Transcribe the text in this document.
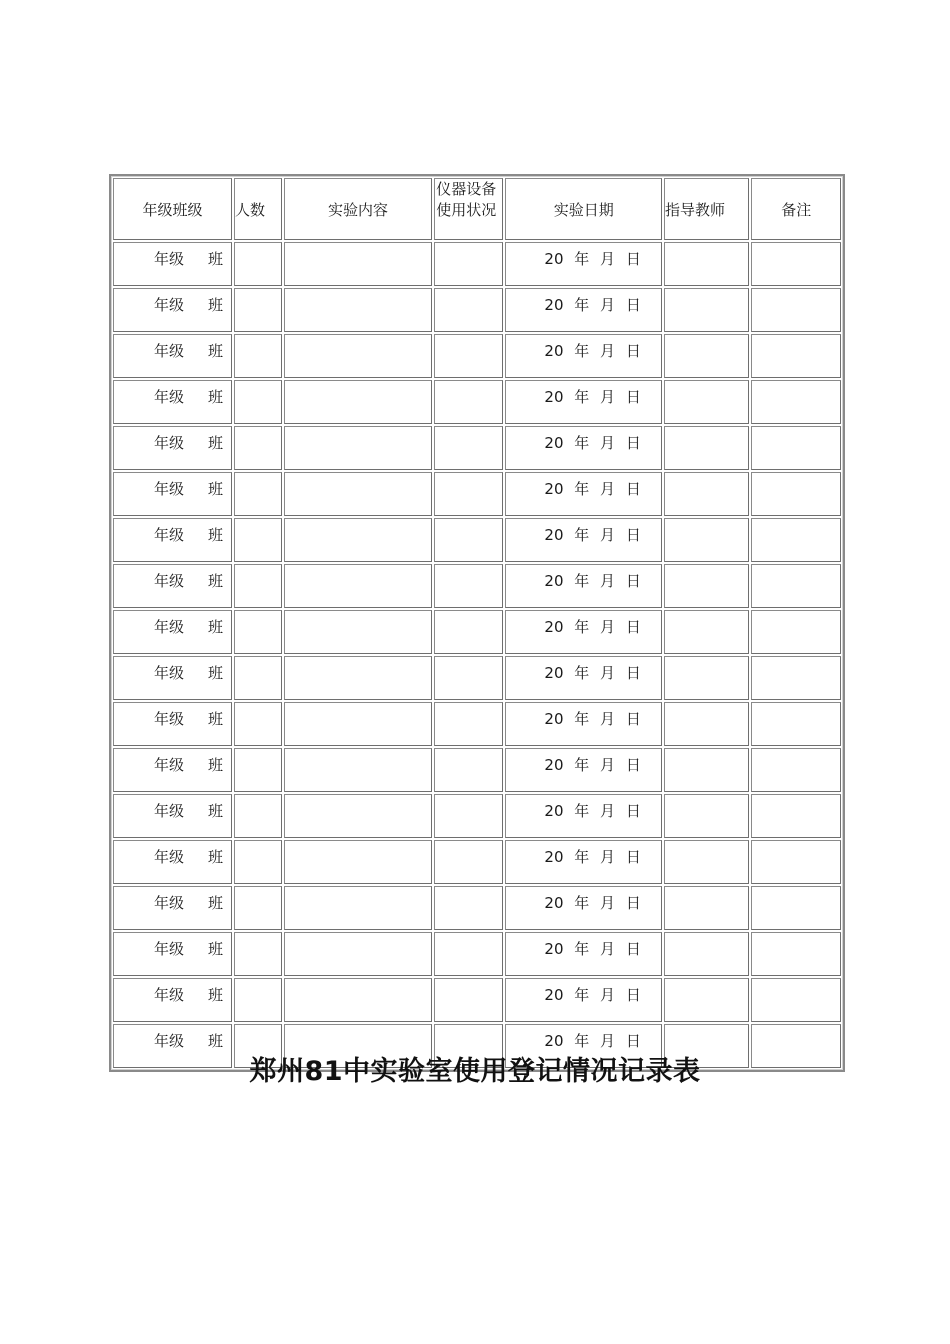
年级班级	人数	实验内容	仪器设备使用状况	实验日期	指导教师	备注
年级 班				20 年 月 日		
年级 班				20 年 月 日		
年级 班				20 年 月 日		
年级 班				20 年 月 日		
年级 班				20 年 月 日		
年级 班				20 年 月 日		
年级 班				20 年 月 日		
年级 班				20 年 月 日		
年级 班				20 年 月 日		
年级 班				20 年 月 日		
年级 班				20 年 月 日		
年级 班				20 年 月 日		
年级 班				20 年 月 日		
年级 班				20 年 月 日		
年级 班				20 年 月 日		
年级 班				20 年 月 日		
年级 班				20 年 月 日		
年级 班				20 年 月 日		
郑州81中实验室使用登记情况记录表
